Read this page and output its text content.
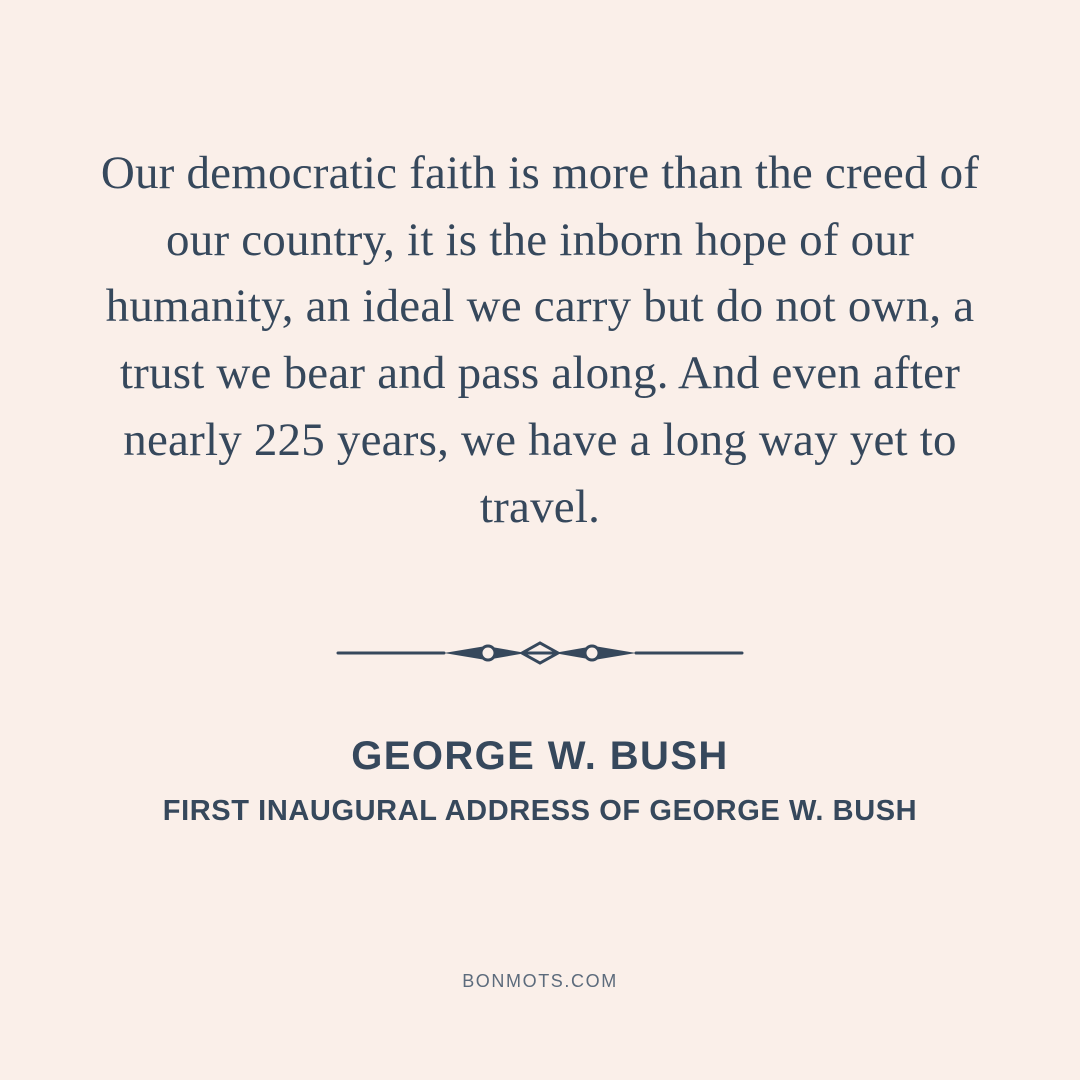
Our democratic faith is more than the creed of our country, it is the inborn hope of our humanity, an ideal we carry but do not own, a trust we bear and pass along. And even after nearly 225 years, we have a long way yet to travel.
GEORGE W. BUSH
FIRST INAUGURAL ADDRESS OF GEORGE W. BUSH
BONMOTS.COM
